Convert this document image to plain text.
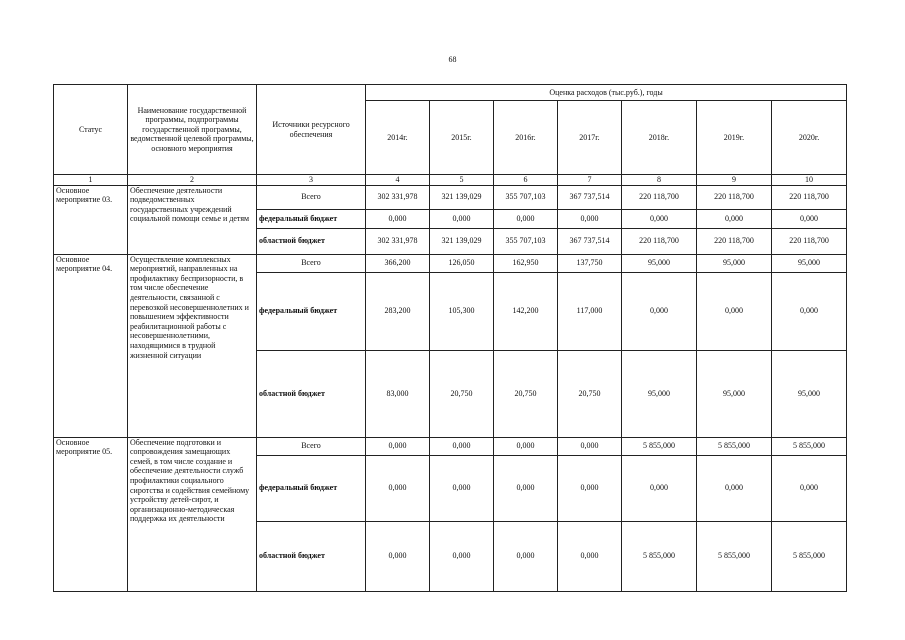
68
Статус	Наименование государственной программы, подпрограммы государственной программы, ведомственной целевой программы, основного мероприятия	Источники ресурсного обеспечения	Оценка расходов (тыс.руб.), годы						
			2014г.	2015г.	2016г.	2017г.	2018г.	2019г.	2020г.
1	2	3	4	5	6	7	8	9	10
Основное мероприятие 03.	Обеспечение деятельности подведомственных государственных учреждений социальной помощи семье и детям	Всего	302 331,978	321 139,029	355 707,103	367 737,514	220 118,700	220 118,700	220 118,700
		федеральный бюджет	0,000	0,000	0,000	0,000	0,000	0,000	0,000
		областной бюджет	302 331,978	321 139,029	355 707,103	367 737,514	220 118,700	220 118,700	220 118,700
Основное мероприятие 04.	Осуществление комплексных мероприятий, направленных на профилактику беспризорности, в том числе обеспечение деятельности, связанной с перевозкой несовершеннолетних и повышением эффективности реабилитационной работы с несовершеннолетними, находящимися в трудной жизненной ситуации	Всего	366,200	126,050	162,950	137,750	95,000	95,000	95,000
		федеральный бюджет	283,200	105,300	142,200	117,000	0,000	0,000	0,000
		областной бюджет	83,000	20,750	20,750	20,750	95,000	95,000	95,000
Основное мероприятие 05.	Обеспечение подготовки и сопровождения замещающих семей, в том числе создание и обеспечение деятельности служб профилактики социального сиротства и содействия семейному устройству детей-сирот, и организационно-методическая поддержка их деятельности	Всего	0,000	0,000	0,000	0,000	5 855,000	5 855,000	5 855,000
		федеральный бюджет	0,000	0,000	0,000	0,000	0,000	0,000	0,000
		областной бюджет	0,000	0,000	0,000	0,000	5 855,000	5 855,000	5 855,000
